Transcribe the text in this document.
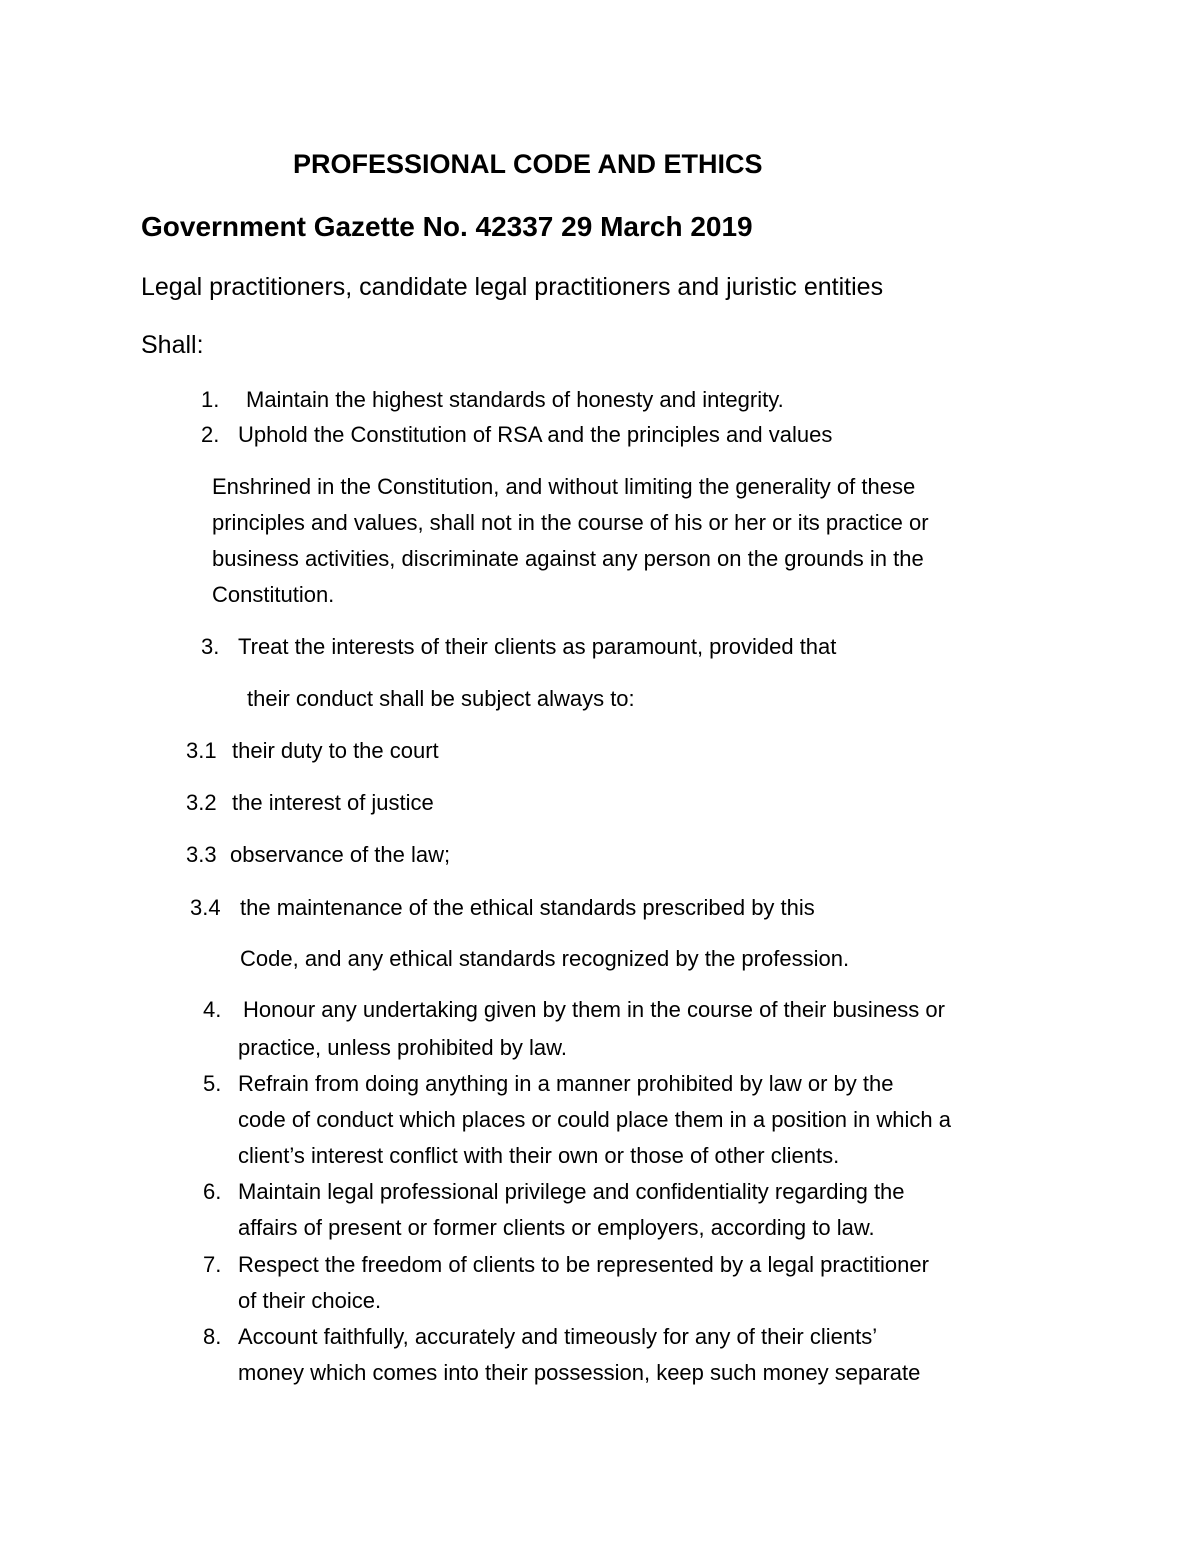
PROFESSIONAL CODE AND ETHICS

Government Gazette No. 42337 29 March 2019

Legal practitioners, candidate legal practitioners and juristic entities

Shall:

1. Maintain the highest standards of honesty and integrity.

2. Uphold the Constitution of RSA and the principles and values

Enshrined in the Constitution, and without limiting the generality of these

principles and values, shall not in the course of his or her or its practice or

business activities, discriminate against any person on the grounds in the

Constitution.

3. Treat the interests of their clients as paramount, provided that

their conduct shall be subject always to:

3.1 their duty to the court

3.2 the interest of justice

3.3 observance of the law;

3.4 the maintenance of the ethical standards prescribed by this

Code, and any ethical standards recognized by the profession.

4. Honour any undertaking given by them in the course of their business or

practice, unless prohibited by law.

5. Refrain from doing anything in a manner prohibited by law or by the

code of conduct which places or could place them in a position in which a

client’s interest conflict with their own or those of other clients.

6. Maintain legal professional privilege and confidentiality regarding the

affairs of present or former clients or employers, according to law.

7. Respect the freedom of clients to be represented by a legal practitioner

of their choice.

8. Account faithfully, accurately and timeously for any of their clients’

money which comes into their possession, keep such money separate
